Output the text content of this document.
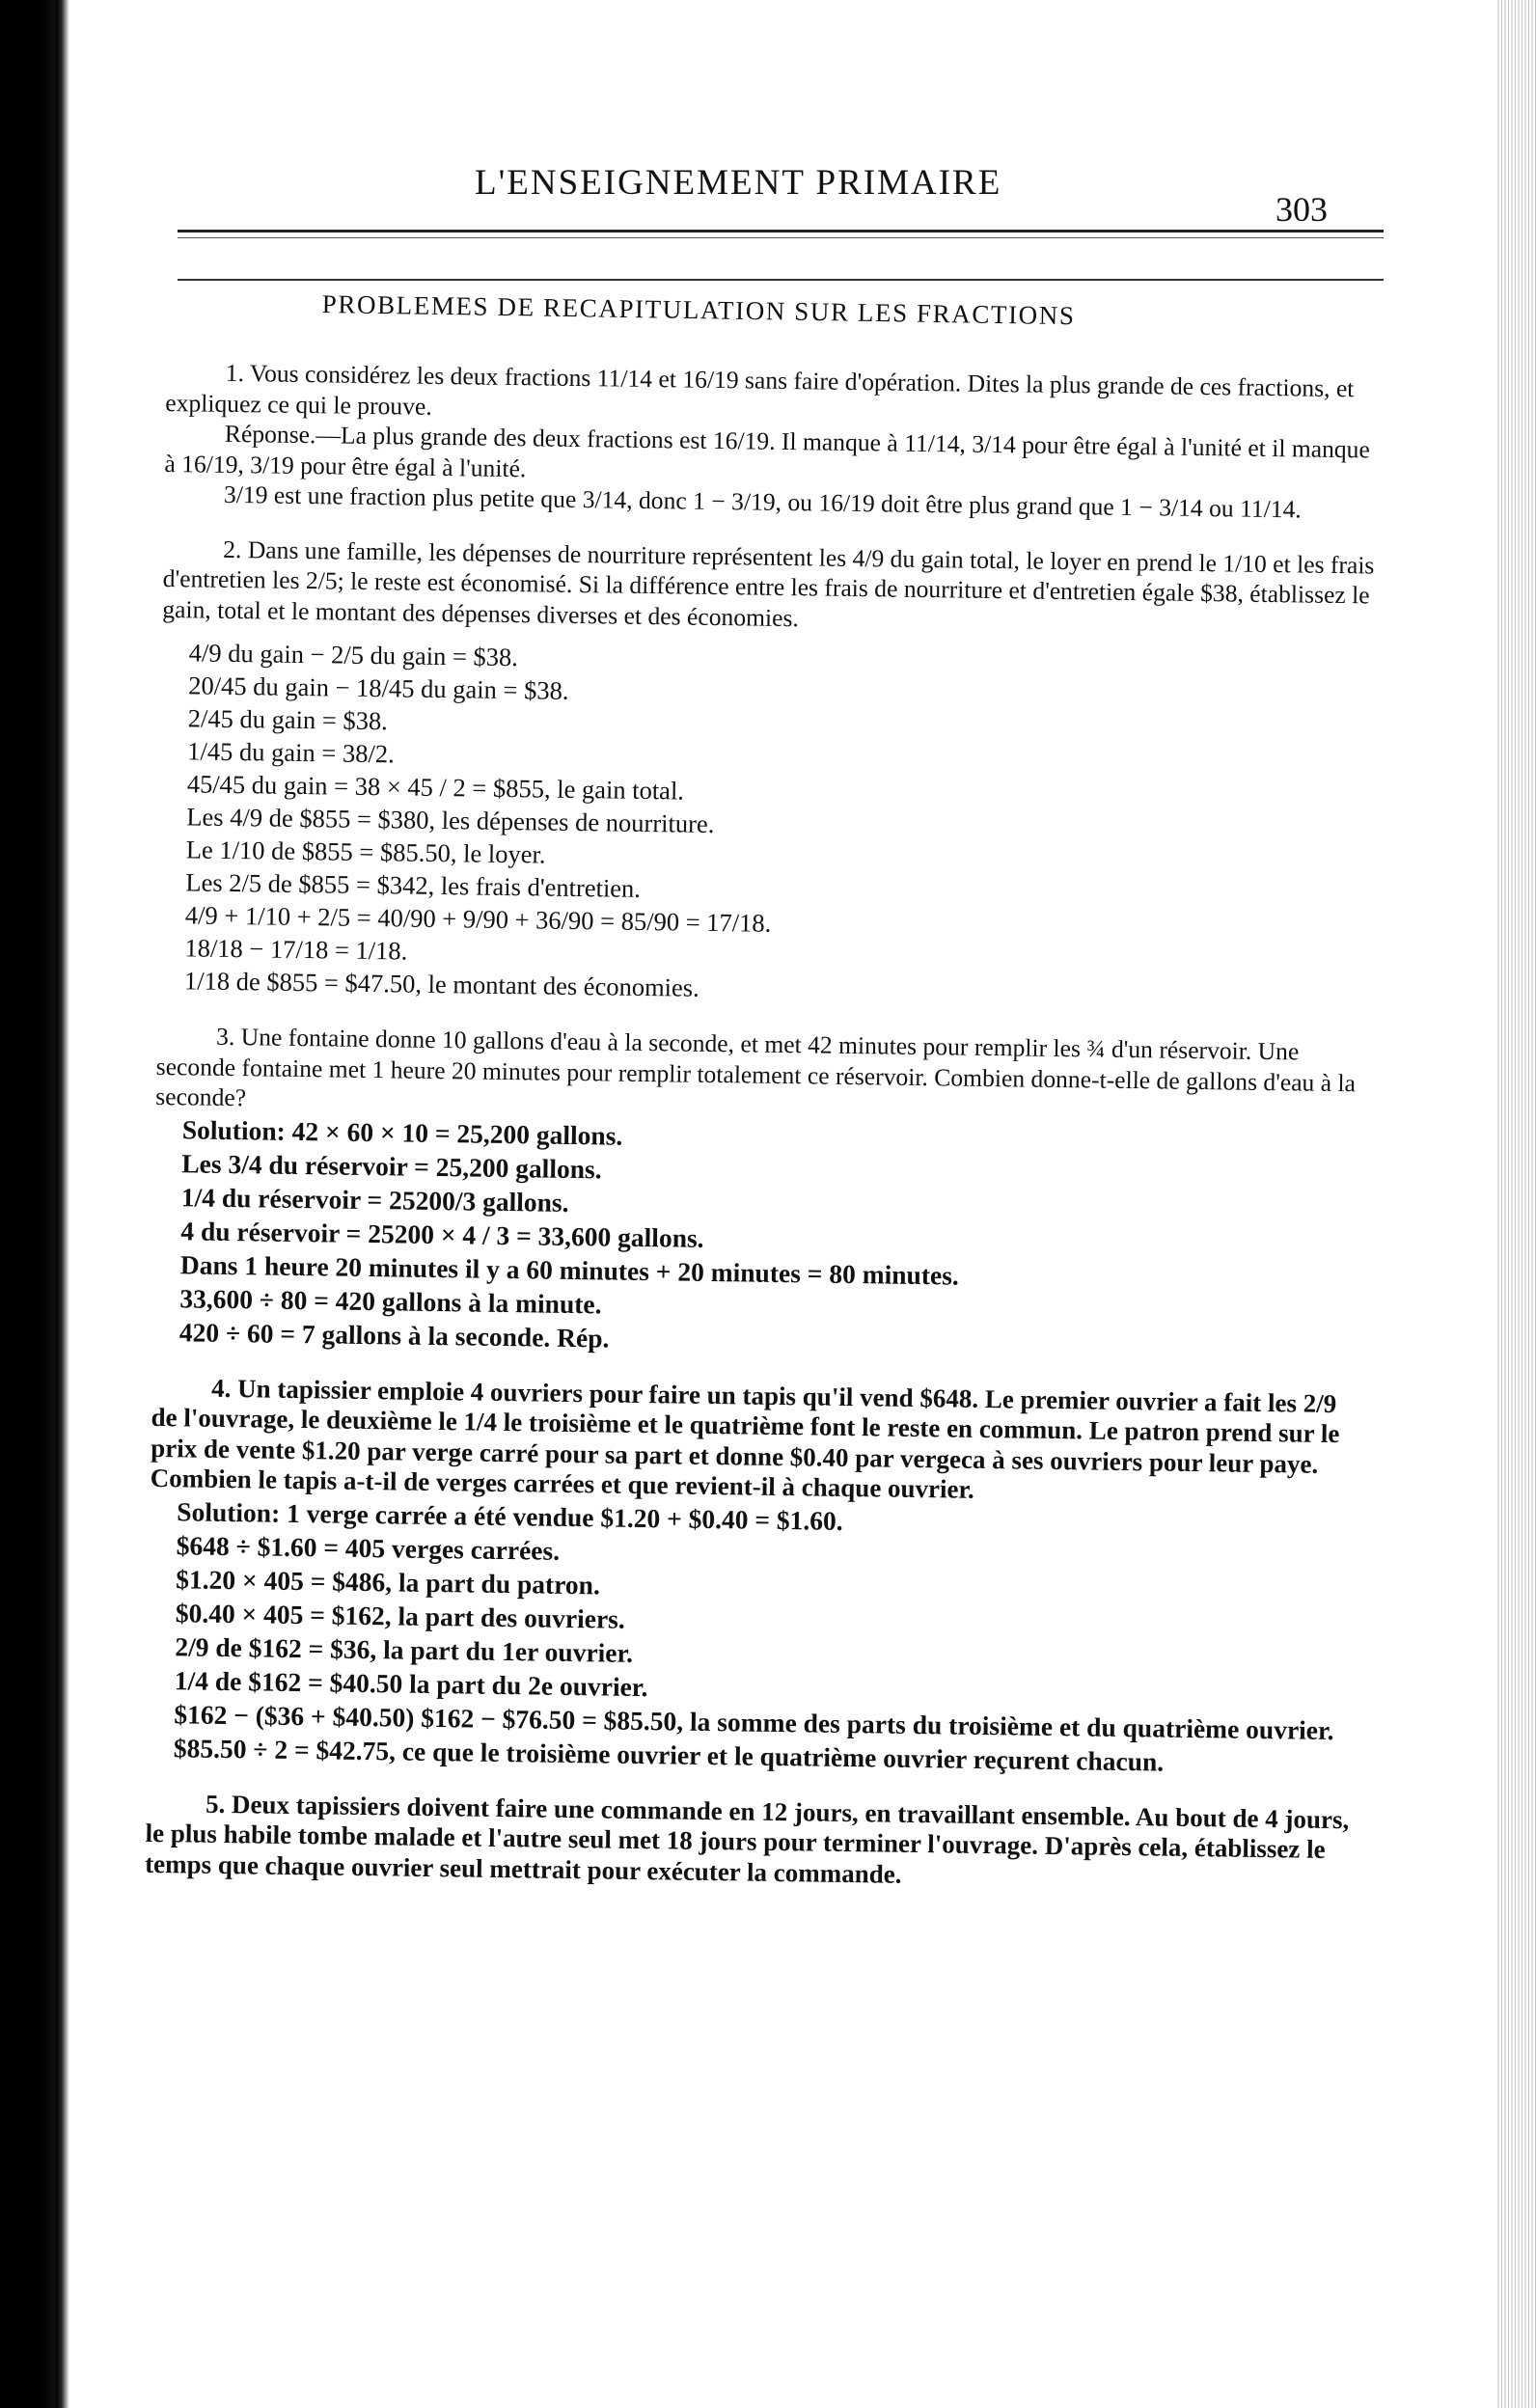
L'ENSEIGNEMENT PRIMAIRE
303
PROBLEMES DE RECAPITULATION SUR LES FRACTIONS

1. Vous considérez les deux fractions 11/14 et 16/19 sans faire d'opération. Dites la plus grande de ces fractions, et expliquez ce qui le prouve.

Réponse.—La plus grande des deux fractions est 16/19. Il manque à 11/14, 3/14 pour être égal à l'unité et il manque à 16/19, 3/19 pour être égal à l'unité.

3/19 est une fraction plus petite que 3/14, donc 1 − 3/19, ou 16/19 doit être plus grand que 1 − 3/14 ou 11/14.

2. Dans une famille, les dépenses de nourriture représentent les 4/9 du gain total, le loyer en prend le 1/10 et les frais d'entretien les 2/5; le reste est économisé. Si la différence entre les frais de nourriture et d'entretien égale $38, établissez le gain, total et le montant des dépenses diverses et des économies.

4/9 du gain − 2/5 du gain = $38.

20/45 du gain − 18/45 du gain = $38.

2/45 du gain = $38.

1/45 du gain = 38/2.

45/45 du gain = 38 × 45 / 2 = $855, le gain total.

Les 4/9 de $855 = $380, les dépenses de nourriture.

Le 1/10 de $855 = $85.50, le loyer.

Les 2/5 de $855 = $342, les frais d'entretien.

4/9 + 1/10 + 2/5 = 40/90 + 9/90 + 36/90 = 85/90 = 17/18.

18/18 − 17/18 = 1/18.

1/18 de $855 = $47.50, le montant des économies.

3. Une fontaine donne 10 gallons d'eau à la seconde, et met 42 minutes pour remplir les ¾ d'un réservoir. Une seconde fontaine met 1 heure 20 minutes pour remplir totalement ce réservoir. Combien donne-t-elle de gallons d'eau à la seconde?

Solution: 42 × 60 × 10 = 25,200 gallons.

Les 3/4 du réservoir = 25,200 gallons.

1/4 du réservoir = 25200/3 gallons.

4 du réservoir = 25200 × 4 / 3 = 33,600 gallons.

Dans 1 heure 20 minutes il y a 60 minutes + 20 minutes = 80 minutes.

33,600 ÷ 80 = 420 gallons à la minute.

420 ÷ 60 = 7 gallons à la seconde. Rép.

4. Un tapissier emploie 4 ouvriers pour faire un tapis qu'il vend $648. Le premier ouvrier a fait les 2/9 de l'ouvrage, le deuxième le 1/4 le troisième et le quatrième font le reste en commun. Le patron prend sur le prix de vente $1.20 par verge carré pour sa part et donne $0.40 par vergeca à ses ouvriers pour leur paye. Combien le tapis a-t-il de verges carrées et que revient-il à chaque ouvrier.

Solution: 1 verge carrée a été vendue $1.20 + $0.40 = $1.60.

$648 ÷ $1.60 = 405 verges carrées.

$1.20 × 405 = $486, la part du patron.

$0.40 × 405 = $162, la part des ouvriers.

2/9 de $162 = $36, la part du 1er ouvrier.

1/4 de $162 = $40.50 la part du 2e ouvrier.

$162 − ($36 + $40.50) $162 − $76.50 = $85.50, la somme des parts du troisième et du quatrième ouvrier.

$85.50 ÷ 2 = $42.75, ce que le troisième ouvrier et le quatrième ouvrier reçurent chacun.

5. Deux tapissiers doivent faire une commande en 12 jours, en travaillant ensemble. Au bout de 4 jours, le plus habile tombe malade et l'autre seul met 18 jours pour terminer l'ouvrage. D'après cela, établissez le temps que chaque ouvrier seul mettrait pour exécuter la commande.
